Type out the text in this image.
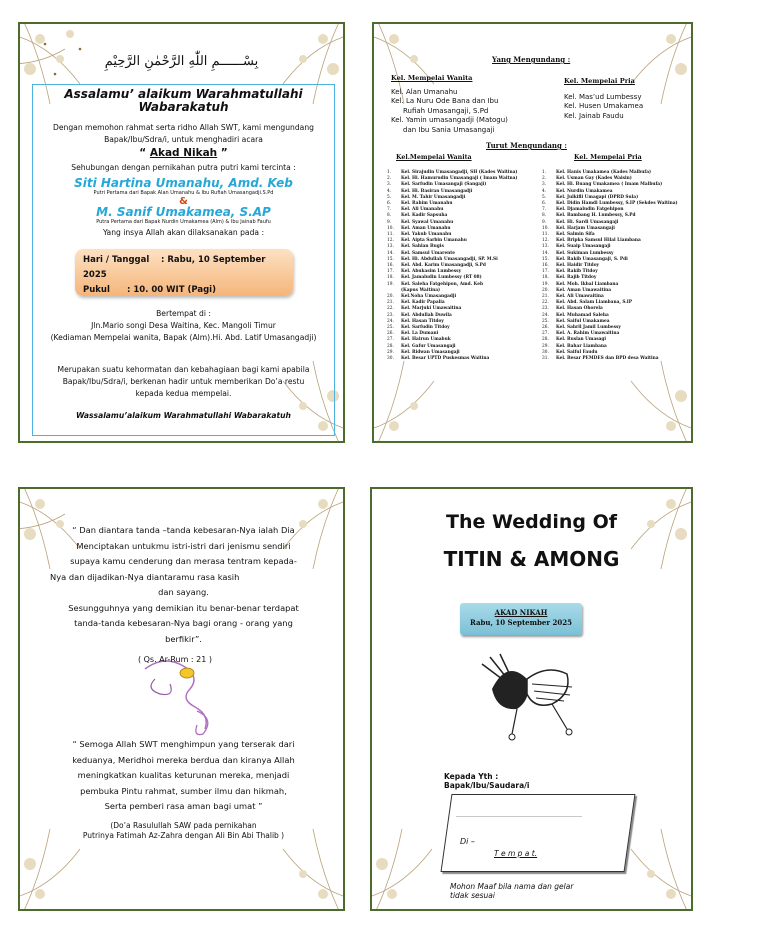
بِسْــــــمِ اللّٰهِ الرَّحْمٰنِ الرَّحِيْمِ
Assalamu’ alaikum Warahmatullahi
Wabarakatuh
Dengan memohon rahmat serta ridho Allah SWT, kami mengundang
Bapak/Ibu/Sdra/i, untuk menghadiri acara
“ Akad Nikah ”
Sehubungan dengan pernikahan putra putri kami tercinta :
Siti Hartina Umanahu, Amd. Keb
Putri Pertama dari Bapak Alan Umanahu & Ibu Rufiah Umasangadji.S.Pd
&
M. Sanif Umakamea, S.AP
Putra Pertama dari Bapak Nurdin Umakamea (Alm) & Ibu Jainab Faufu
Yang insya Allah akan dilaksanakan pada :
Hari / Tanggal : Rabu, 10 September 2025
Pukul : 10. 00 WIT (Pagi)
Bertempat di :
Jln.Mario songi Desa Waitina, Kec. Mangoli Timur
(Kediaman Mempelai wanita, Bapak (Alm).Hi. Abd. Latif Umasangadji)
Merupakan suatu kehormatan dan kebahagiaan bagi kami apabila
Bapak/Ibu/Sdra/i, berkenan hadir untuk memberikan Do’a restu
kepada kedua mempelai.
Wassalamu’alaikum Warahmatullahi Wabarakatuh
Yang Mengundang :
Kel. Mempelai Wanita
Kel. Alan Umanahu
Kel. La Nuru Ode Bana dan Ibu
Rufiah Umasangaji, S.Pd
Kel. Yamin umasangadji (Matogu)
dan Ibu Sania Umasangaji
Kel. Mempelai Pria
Kel. Mas’ud Lumbessy
Kel. Husen Umakamea
Kel. Jainab Faudu
Turut Mengundang :
Kel.Mempelai Wanita	Kel. Mempelai Pria
1.	Kel. Sirajudin Umasangadji, SH (Kades Waitina)
2.	Kel. Hi. Hamurudin Umasangaji ( Imam Waitna)
3.	Kel. Sarfudin Umasangaji (Sangaji)
4.	Kel. Hi. Basiran Umasangadji
5.	Kel. M. Tahir Umasangadji
6.	Kel. Rahim Umanahu
7.	Kel. Ali Umanahu
8.	Kel. Kadir Sapsuha
9.	Kel. Syawal Umanahu
10.	Kel. Aman Umanahu
11.	Kel. Yakub Umanahu
12.	Kel. Aipta Sarbin Umanahu
13.	Kel. Sahlan Bugis
14.	Kel. Samsul Umarente
15.	Kel. Hi. Abdullah Umasangadji, SP. M.Si
16.	Kel. Abd. Karim Umasangadji, S.Pd
17.	Kel. Abukasim Lumbessy
18.	Kel. Jamaludin Lumbessy (RT 08)
19.	Kel. Saleha Fatgehipon, Amd. Keb
(Kapus Waitina)
20.	Kel.Noha Umasangadji
21.	Kel. Kadir Papalia
22.	Kel. Marjuki Umawaitina
23.	Kel. Abdullah Duwila
24.	Kel. Hasan Titdoy
25.	Kel. Sarfudin Titdoy
26.	Kel. La Dumani
27.	Kel. Hairun Umabuk
28.	Kel. Gafur Umasangaji
29.	Kel. Ridwan Umasangaji
30.	Kel. Besar UPTD Puskesmas Waitina
1.	Kel. Hanis Umakamea (Kades Malbufa)
2.	Kel. Usman Gay (Kades Waisin)
3.	Kel. Hi. Buang Umakamea ( Imam Malbufa)
4.	Kel. Nurdin Umakamea
5.	Kel. Julkifli Umagapi (DPRD Sula)
6.	Kel. Didin Hamdi Lumbessy, S.IP (Sekdes Waitina)
7.	Kel. Djamaludin Fatgehipon
8.	Kel. Bambang H. Lumbessy, S.Pd
9.	Kel. Hi. Sardi Umasangaji
10.	Kel. Harjam Umasangaji
11.	Kel. Salmin Sifa
12.	Kel. Bripka Samsul Hilal Liambana
13.	Kel. Suaip Umasangaji
14.	Kel. Sukiman Lumbessy
15.	Kel. Rakib Umasangaji, S. Pdi
16.	Kel. Haidir Titdoy
17.	Kel. Rakib Titdoy
18.	Kel. Rajib Titdoy
19.	Kel. Moh. Ikbal Liambana
20.	Kel. Aman Umawaitina
21.	Kel. Ali Umawaitina
22.	Kel. Abd. Salam Liambana, S.IP
23.	Kel. Hasan Ohorela
24.	Kel. Muhamad Saleha
25.	Kel. Saiful Umakamea
26.	Kel. Sahril Jamil Lumbessy
27.	Kel. A. Rahim Umawaitina
28.	Kel. Ruslan Umasagi
29.	Kel. Bahar Liambana
30.	Kel. Saiful Faudu
31.	Kel. Besar PEMDES dan BPD desa Waitina
“ Dan diantara tanda –tanda kebesaran-Nya ialah Dia
Menciptakan untukmu istri-istri dari jenismu sendiri
supaya kamu cenderung dan merasa tentram kepada-
Nya dan dijadikan-Nya diantaramu rasa kasih
dan sayang.
Sesungguhnya yang demikian itu benar-benar terdapat
tanda-tanda kebesaran-Nya bagi orang - orang yang
berfikir”.
( Qs. Ar-Rum : 21 )
“ Semoga Allah SWT menghimpun yang terserak dari
keduanya, Meridhoi mereka berdua dan kiranya Allah
meningkatkan kualitas keturunan mereka, menjadi
pembuka Pintu rahmat, sumber ilmu dan hikmah,
Serta pemberi rasa aman bagi umat ”
(Do’a Rasulullah SAW pada pernikahan
Putrinya Fatimah Az-Zahra dengan Ali Bin Abi Thalib )
The Wedding Of
TITIN & AMONG
AKAD NIKAH
Rabu, 10 September 2025
Kepada Yth :
Bapak/Ibu/Saudara/i
………………………………………………………
Di –
T e m p a t.
Mohon Maaf bila nama dan gelar
tidak sesuai
